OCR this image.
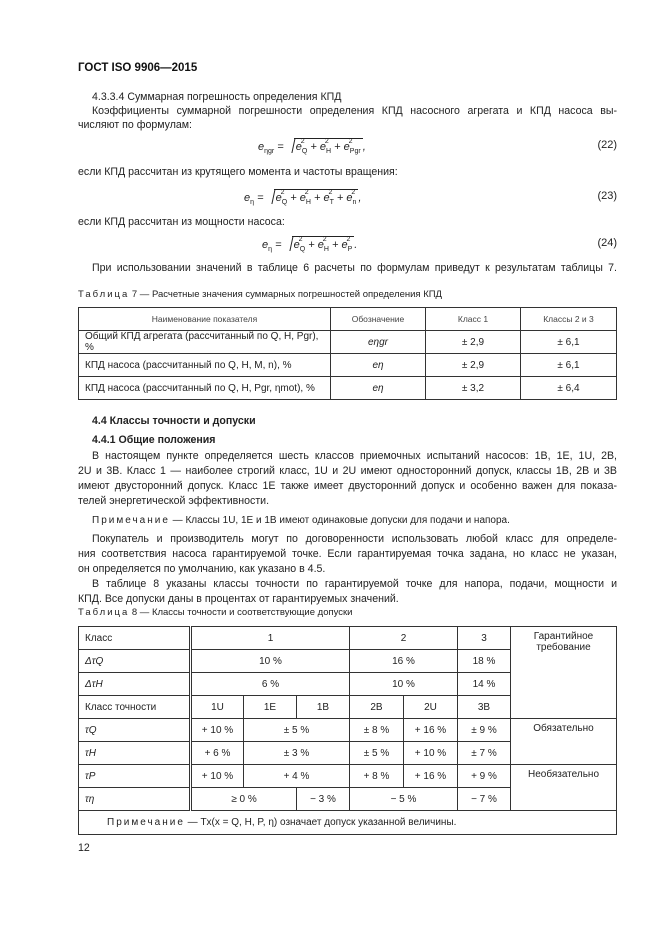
ГОСТ ISO 9906—2015
4.3.3.4 Суммарная погрешность определения КПД
Коэффициенты суммарной погрешности определения КПД насосного агрегата и КПД насоса вы-
числяют по формулам:
$e_{\eta gr} = e$
2
$_Q$ + e
2
$_H$ + e
2
$_{Pgr}$ ,	(22)
если КПД рассчитан из крутящего момента и частоты вращения:
$e_\eta = e$
2
$_Q$ + e
2
$_H$ + e
2
$_T$ + e
2
$_n$ ,	(23)
если КПД рассчитан из мощности насоса:
$e_\eta = e$
2
$_Q$ + e
2
$_H$ + e
2
$_P$ .	(24)
При использовании значений в таблице 6 расчеты по формулам приведут к результатам таблицы 7.
Таблица 7 — Расчетные значения суммарных погрешностей определения КПД
Наименование показателя	Обозначение	Класс 1	Классы 2 и 3
Общий КПД агрегата (рассчитанный по Q, H, Pgr), %	eηgr	± 2,9	± 6,1
КПД насоса (рассчитанный по Q, H, M, n), %	eη	± 2,9	± 6,1
КПД насоса (рассчитанный по Q, H, Pgr, ηmot), %	eη	± 3,2	± 6,4
4.4 Классы точности и допуски
4.4.1 Общие положения
В настоящем пункте определяется шесть классов приемочных испытаний насосов: 1B, 1E, 1U, 2B,
2U и 3B. Класс 1 — наиболее строгий класс, 1U и 2U имеют односторонний допуск, классы 1B, 2B и 3B
имеют двусторонний допуск. Класс 1E также имеет двусторонний допуск и особенно важен для показа-
телей энергетической эффективности.
Примечание — Классы 1U, 1E и 1B имеют одинаковые допуски для подачи и напора.
Покупатель и производитель могут по договоренности использовать любой класс для определе-
ния соответствия насоса гарантируемой точке. Если гарантируемая точка задана, но класс не указан,
он определяется по умолчанию, как указано в 4.5.
В таблице 8 указаны классы точности по гарантируемой точке для напора, подачи, мощности и
КПД. Все допуски даны в процентах от гарантируемых значений.
Таблица 8 — Классы точности и соответствующие допуски
Класс	1			2		3	Гарантийное требование
ΔτQ	10 %			16 %		18 %	
ΔτH	6 %			10 %		14 %	
Класс точности	1U	1E	1B	2B	2U	3B	
τQ	+ 10 %	± 5 %		± 8 %	+ 16 %	± 9 %	Обязательно
τH	+ 6 %	± 3 %		± 5 %	+ 10 %	± 7 %	
τP	+ 10 %	+ 4 %		+ 8 %	+ 16 %	+ 9 %	Необязательно
τη	≥ 0 %		− 3 %	− 5 %		− 7 %	
Примечание — Tx(x = Q, H, P, η) означает допуск указанной величины.							
12
